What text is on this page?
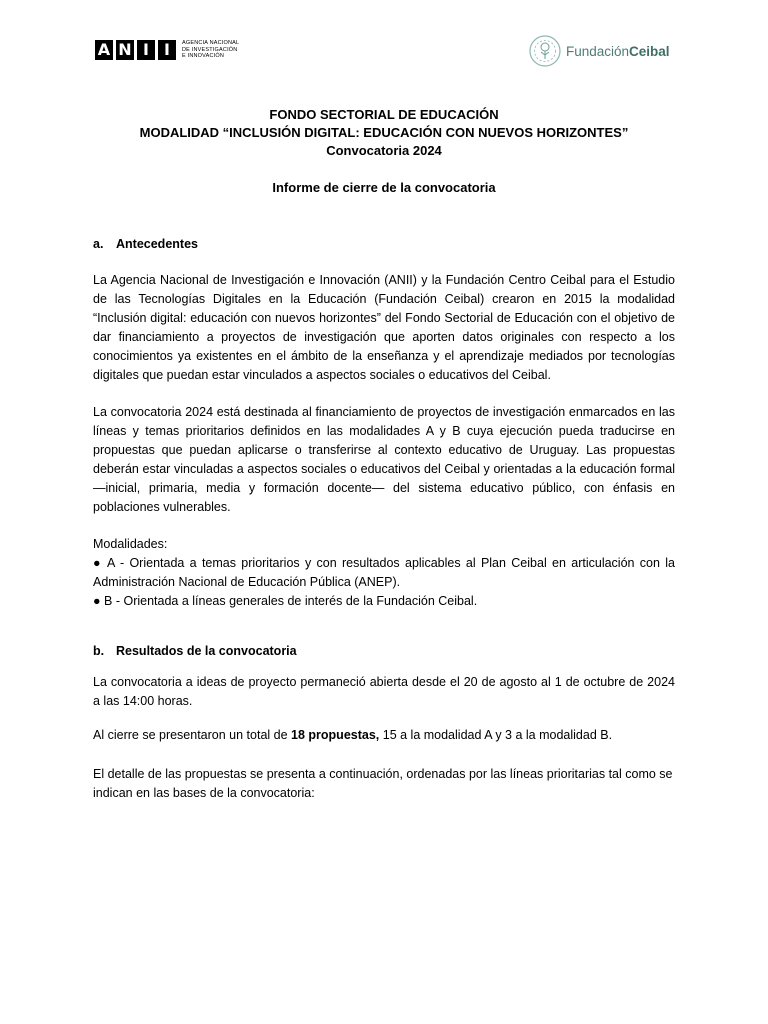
A N I I	AGENCIA NACIONAL
DE INVESTIGACIÓN
E INNOVACIÓN	FundaciónCeibal
FONDO SECTORIAL DE EDUCACIÓN
MODALIDAD “INCLUSIÓN DIGITAL: EDUCACIÓN CON NUEVOS HORIZONTES”
Convocatoria 2024
Informe de cierre de la convocatoria
a.	Antecedentes

La Agencia Nacional de Investigación e Innovación (ANII) y la Fundación Centro Ceibal para el Estudio de las Tecnologías Digitales en la Educación (Fundación Ceibal) crearon en 2015 la modalidad “Inclusión digital: educación con nuevos horizontes” del Fondo Sectorial de Educación con el objetivo de dar financiamiento a proyectos de investigación que aporten datos originales con respecto a los conocimientos ya existentes en el ámbito de la enseñanza y el aprendizaje mediados por tecnologías digitales que puedan estar vinculados a aspectos sociales o educativos del Ceibal.

La convocatoria 2024 está destinada al financiamiento de proyectos de investigación enmarcados en las líneas y temas prioritarios definidos en las modalidades A y B cuya ejecución pueda traducirse en propuestas que puedan aplicarse o transferirse al contexto educativo de Uruguay. Las propuestas deberán estar vinculadas a aspectos sociales o educativos del Ceibal y orientadas a la educación formal —inicial, primaria, media y formación docente— del sistema educativo público, con énfasis en poblaciones vulnerables.

Modalidades:
● A - Orientada a temas prioritarios y con resultados aplicables al Plan Ceibal en articulación con la Administración Nacional de Educación Pública (ANEP).
● B - Orientada a líneas generales de interés de la Fundación Ceibal.

b. Resultados de la convocatoria

La convocatoria a ideas de proyecto permaneció abierta desde el 20 de agosto al 1 de octubre de 2024 a las 14:00 horas.

Al cierre se presentaron un total de 18 propuestas, 15 a la modalidad A y 3 a la modalidad B.

El detalle de las propuestas se presenta a continuación, ordenadas por las líneas prioritarias tal como se indican en las bases de la convocatoria:
